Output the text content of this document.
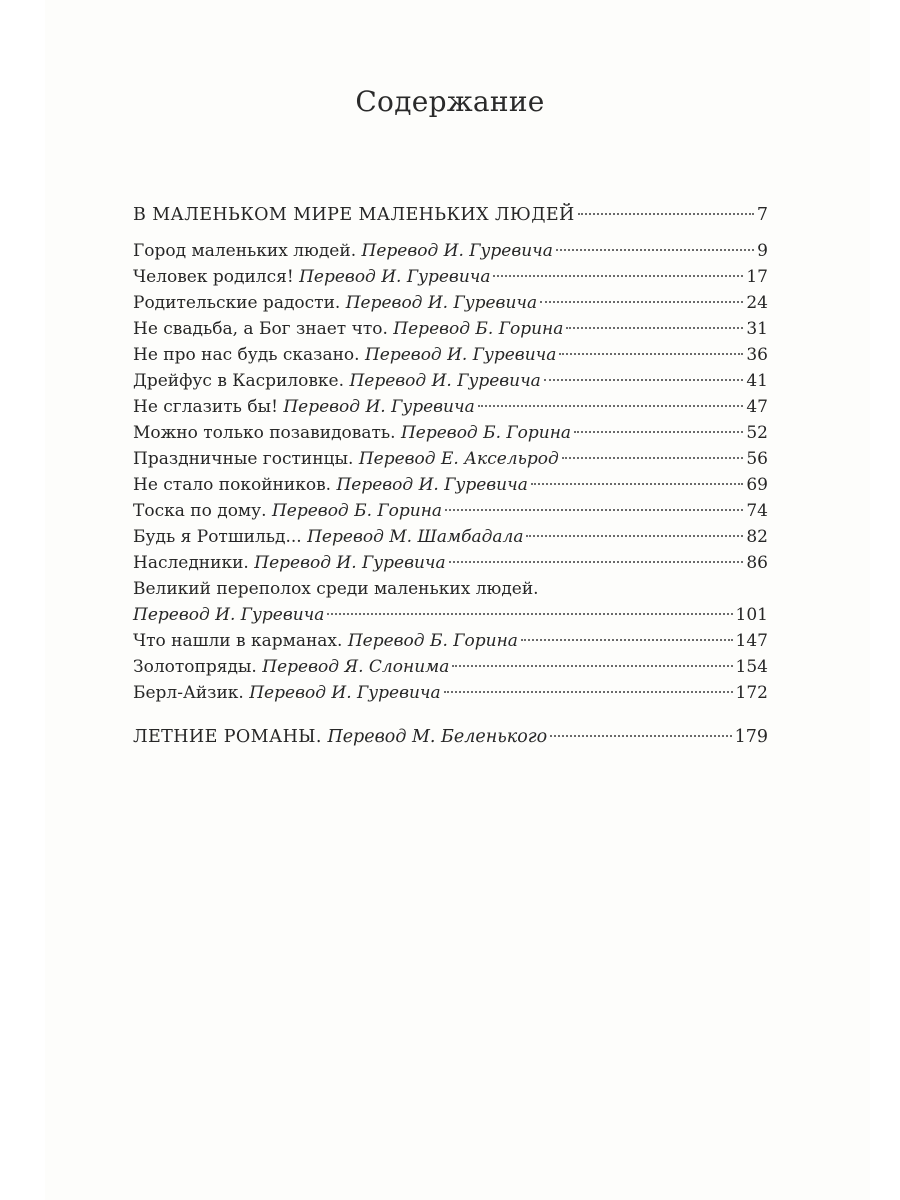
Содержание
В МАЛЕНЬКОМ МИРЕ МАЛЕНЬКИХ ЛЮДЕЙ	7
Город маленьких людей. Перевод И. Гуревича	9
Человек родился! Перевод И. Гуревича	17
Родительские радости. Перевод И. Гуревича	24
Не свадьба, а Бог знает что. Перевод Б. Горина	31
Не про нас будь сказано. Перевод И. Гуревича	36
Дрейфус в Касриловке. Перевод И. Гуревича	41
Не сглазить бы! Перевод И. Гуревича	47
Можно только позавидовать. Перевод Б. Горина	52
Праздничные гостинцы. Перевод Е. Аксельрод	56
Не стало покойников. Перевод И. Гуревича	69
Тоска по дому. Перевод Б. Горина	74
Будь я Ротшильд... Перевод М. Шамбадала	82
Наследники. Перевод И. Гуревича	86
Великий переполох среди маленьких людей.
Перевод И. Гуревича	101
Что нашли в карманах. Перевод Б. Горина	147
Золотопряды. Перевод Я. Слонима	154
Берл-Айзик. Перевод И. Гуревича	172
ЛЕТНИЕ РОМАНЫ. Перевод М. Беленького	179
